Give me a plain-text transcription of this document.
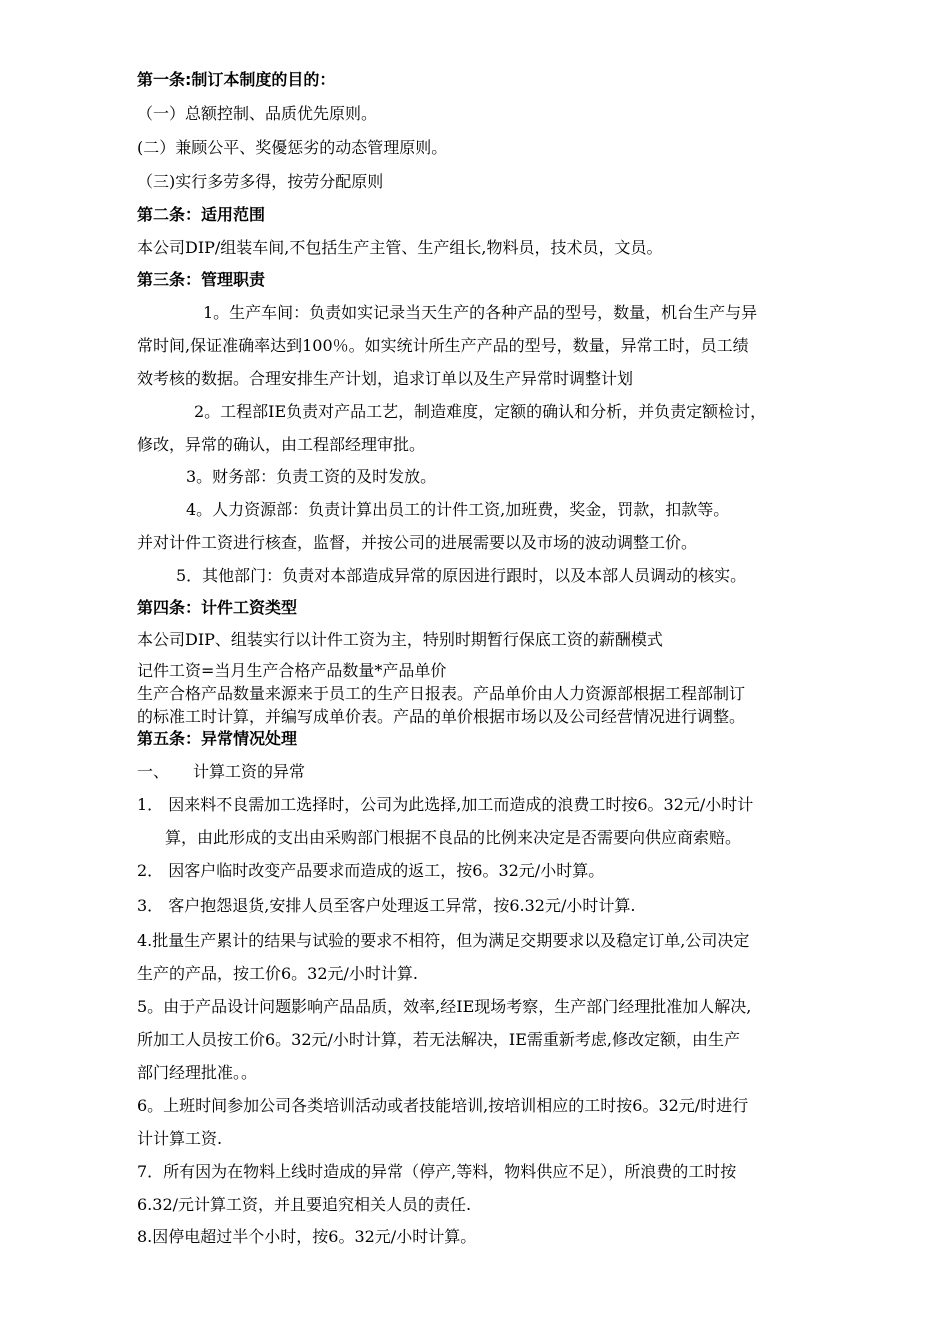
第一条:制订本制度的目的：
（一）总额控制、品质优先原则。
(二）兼顾公平、奖優惩劣的动态管理原则。
（三)实行多劳多得，按劳分配原则
第二条：适用范围
本公司DIP/组装车间,不包括生产主管、生产组长,物料员，技术员，文员。
第三条：管理职责
1。生产车间：负责如实记录当天生产的各种产品的型号，数量，机台生产与异
常时间,保证准确率达到100％。如实统计所生产产品的型号，数量，异常工时，员工绩
效考核的数据。合理安排生产计划，追求订单以及生产异常时调整计划
2。工程部IE负责对产品工艺，制造难度，定额的确认和分析，并负责定额检讨，
修改，异常的确认，由工程部经理审批。
3。财务部：负责工资的及时发放。
4。人力资源部：负责计算出员工的计件工资,加班费，奖金，罚款，扣款等。
并对计件工资进行核查，监督，并按公司的进展需要以及市场的波动调整工价。
5．其他部门：负责对本部造成异常的原因进行跟时，以及本部人员调动的核实。
第四条：计件工资类型
本公司DIP、组装实行以计件工资为主，特别时期暂行保底工资的薪酬模式
记件工资=当月生产合格产品数量*产品单价
生产合格产品数量来源来于员工的生产日报表。产品单价由人力资源部根据工程部制订
的标准工时计算，并编写成单价表。产品的单价根据市场以及公司经营情况进行调整。
第五条：异常情况处理
一、　　计算工资的异常
1． 因来料不良需加工选择时，公司为此选择,加工而造成的浪费工时按6。32元/小时计
算，由此形成的支出由采购部门根据不良品的比例来决定是否需要向供应商索赔。
2． 因客户临时改变产品要求而造成的返工，按6。32元/小时算。
3． 客户抱怨退货,安排人员至客户处理返工异常，按6.32元/小时计算.
4.批量生产累计的结果与试验的要求不相符，但为满足交期要求以及稳定订单,公司决定
生产的产品，按工价6。32元/小时计算.
5。由于产品设计问题影响产品品质，效率,经IE现场考察，生产部门经理批准加人解决,
所加工人员按工价6。32元/小时计算，若无法解决，IE需重新考虑,修改定额，由生产
部门经理批准。。
6。上班时间参加公司各类培训活动或者技能培训,按培训相应的工时按6。32元/时进行
计计算工资.
7．所有因为在物料上线时造成的异常（停产,等料，物料供应不足），所浪费的工时按
6.32/元计算工资，并且要追究相关人员的责任.
8.因停电超过半个小时，按6。32元/小时计算。
